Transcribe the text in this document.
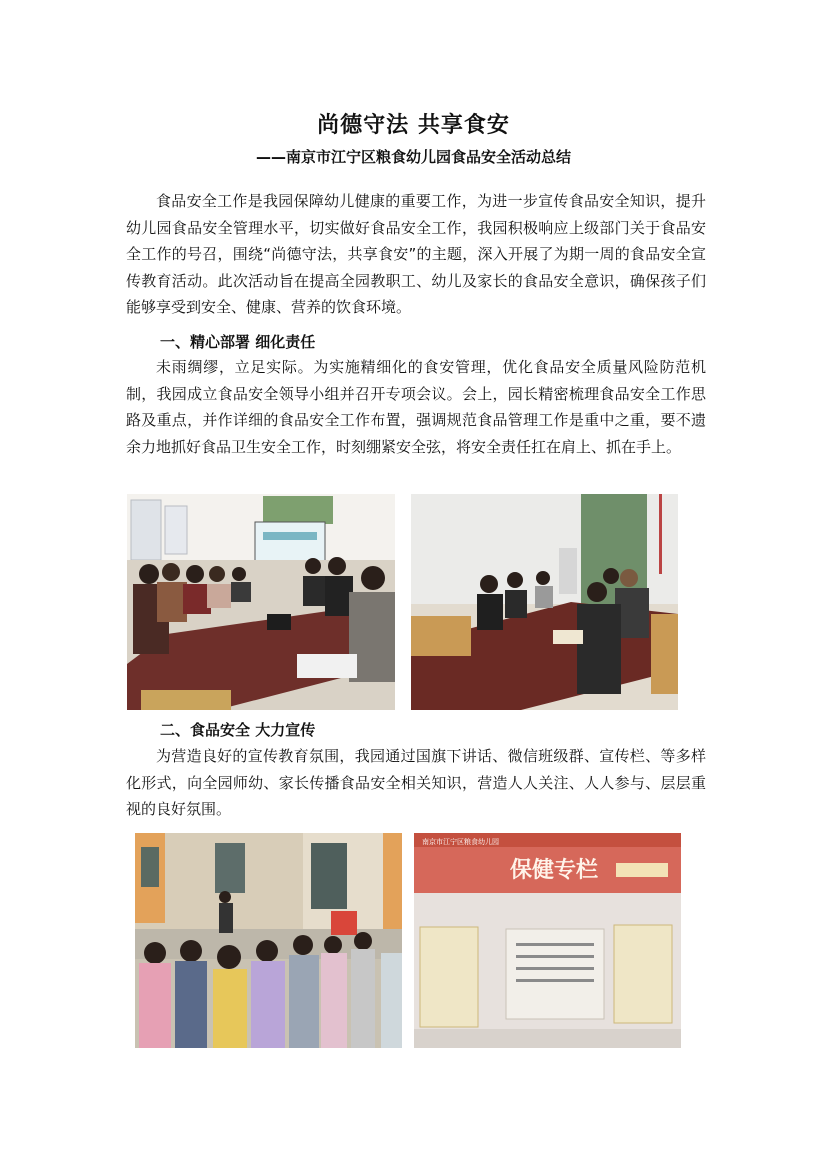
尚德守法 共享食安
——南京市江宁区粮食幼儿园食品安全活动总结

食品安全工作是我园保障幼儿健康的重要工作，为进一步宣传食品安全知识，提升幼儿园食品安全管理水平，切实做好食品安全工作，我园积极响应上级部门关于食品安全工作的号召，围绕“尚德守法，共享食安”的主题，深入开展了为期一周的食品安全宣传教育活动。此次活动旨在提高全园教职工、幼儿及家长的食品安全意识，确保孩子们能够享受到安全、健康、营养的饮食环境。

一、精心部署 细化责任

未雨绸缪，立足实际。为实施精细化的食安管理，优化食品安全质量风险防范机制，我园成立食品安全领导小组并召开专项会议。会上，园长精密梳理食品安全工作思路及重点，并作详细的食品安全工作布置，强调规范食品管理工作是重中之重，要不遗余力地抓好食品卫生安全工作，时刻绷紧安全弦，将安全责任扛在肩上、抓在手上。

二、食品安全 大力宣传

为营造良好的宣传教育氛围，我园通过国旗下讲话、微信班级群、宣传栏、等多样化形式，向全园师幼、家长传播食品安全相关知识，营造人人关注、人人参与、层层重视的良好氛围。

南京市江宁区粮食幼儿园
保健专栏
